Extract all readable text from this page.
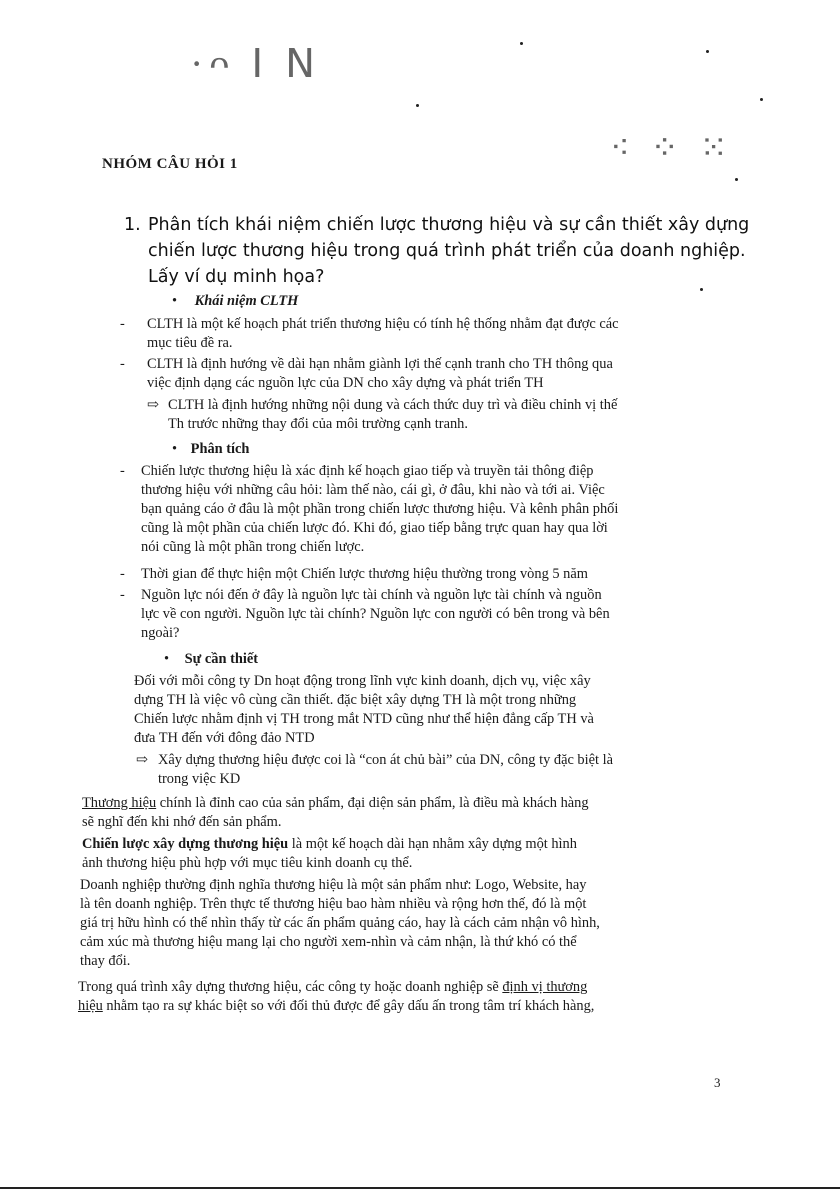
·ᴖ ꓲ ꓠ
⁖ ⁘ ⁙
NHÓM CÂU HỎI 1
1. Phân tích khái niệm chiến lược thương hiệu và sự cần thiết xây dựng chiến lược thương hiệu trong quá trình phát triển của doanh nghiệp. Lấy ví dụ minh họa?
• Khái niệm CLTH
- CLTH là một kế hoạch phát triển thương hiệu có tính hệ thống nhằm đạt được các
mục tiêu đề ra.
- CLTH là định hướng về dài hạn nhằm giành lợi thế cạnh tranh cho TH thông qua
việc định dạng các nguồn lực của DN cho xây dựng và phát triển TH
⇨ CLTH là định hướng những nội dung và cách thức duy trì và điều chỉnh vị thế
Th trước những thay đổi của môi trường cạnh tranh.
• Phân tích
- Chiến lược thương hiệu là xác định kế hoạch giao tiếp và truyền tải thông điệp
thương hiệu với những câu hỏi: làm thế nào, cái gì, ở đâu, khi nào và tới ai. Việc
bạn quảng cáo ở đâu là một phần trong chiến lược thương hiệu. Và kênh phân phối
cũng là một phần của chiến lược đó. Khi đó, giao tiếp bằng trực quan hay qua lời
nói cũng là một phần trong chiến lược.
- Thời gian để thực hiện một Chiến lược thương hiệu thường trong vòng 5 năm
- Nguồn lực nói đến ở đây là nguồn lực tài chính và nguồn lực tài chính và nguồn
lực về con người. Nguồn lực tài chính? Nguồn lực con người có bên trong và bên
ngoài?
• Sự cần thiết
Đối với mỗi công ty Dn hoạt động trong lĩnh vực kinh doanh, dịch vụ, việc xây
dựng TH là việc vô cùng cần thiết. đặc biệt xây dựng TH là một trong những
Chiến lược nhằm định vị TH trong mắt NTD cũng như thể hiện đẳng cấp TH và
đưa TH đến với đông đảo NTD
⇨ Xây dựng thương hiệu được coi là “con át chủ bài” của DN, công ty đặc biệt là
trong việc KD
Thương hiệu chính là đỉnh cao của sản phẩm, đại diện sản phẩm, là điều mà khách hàng
sẽ nghĩ đến khi nhớ đến sản phẩm.
Chiến lược xây dựng thương hiệu là một kế hoạch dài hạn nhằm xây dựng một hình
ảnh thương hiệu phù hợp với mục tiêu kinh doanh cụ thể.
Doanh nghiệp thường định nghĩa thương hiệu là một sản phẩm như: Logo, Website, hay
là tên doanh nghiệp. Trên thực tế thương hiệu bao hàm nhiều và rộng hơn thế, đó là một
giá trị hữu hình có thể nhìn thấy từ các ấn phẩm quảng cáo, hay là cách cảm nhận vô hình,
cảm xúc mà thương hiệu mang lại cho người xem-nhìn và cảm nhận, là thứ khó có thể
thay đổi.
Trong quá trình xây dựng thương hiệu, các công ty hoặc doanh nghiệp sẽ định vị thương
hiệu nhằm tạo ra sự khác biệt so với đối thủ được để gây dấu ấn trong tâm trí khách hàng,
3
